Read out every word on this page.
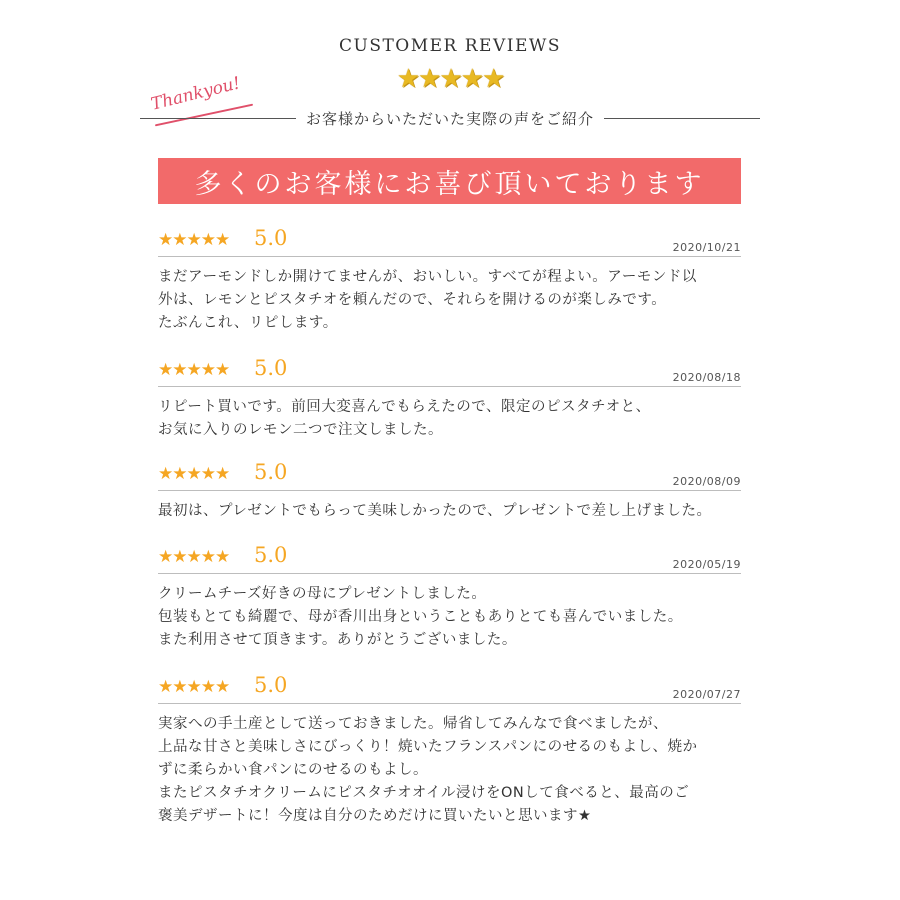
CUSTOMER REVIEWS
★★★★★
Thankyou!
お客様からいただいた実際の声をご紹介
多くのお客様にお喜び頂いております
★★★★★ 5.0	2020/10/21
まだアーモンドしか開けてませんが、おいしい。すべてが程よい。アーモンド以
外は、レモンとピスタチオを頼んだので、それらを開けるのが楽しみです。
たぶんこれ、リピします。
★★★★★ 5.0	2020/08/18
リピート買いです。前回大変喜んでもらえたので、限定のピスタチオと、
お気に入りのレモン二つで注文しました。
★★★★★ 5.0	2020/08/09
最初は、プレゼントでもらって美味しかったので、プレゼントで差し上げました。
★★★★★ 5.0	2020/05/19
クリームチーズ好きの母にプレゼントしました。
包装もとても綺麗で、母が香川出身ということもありとても喜んでいました。
また利用させて頂きます。ありがとうございました。
★★★★★ 5.0	2020/07/27
実家への手土産として送っておきました。帰省してみんなで食べましたが、
上品な甘さと美味しさにびっくり！焼いたフランスパンにのせるのもよし、焼か
ずに柔らかい食パンにのせるのもよし。
またピスタチオクリームにピスタチオオイル浸けをONして食べると、最高のご
褒美デザートに！今度は自分のためだけに買いたいと思います★
